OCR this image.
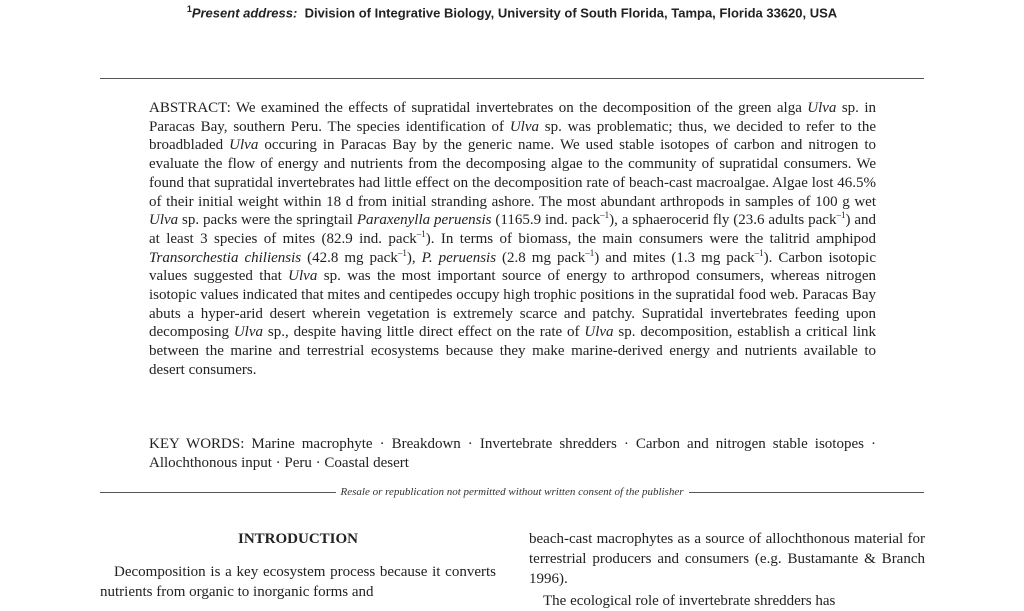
$^1$Present address: Division of Integrative Biology, University of South Florida, Tampa, Florida 33620, USA

ABSTRACT: We examined the effects of supratidal invertebrates on the decomposition of the green alga Ulva sp. in Paracas Bay, southern Peru. The species identification of Ulva sp. was problematic; thus, we decided to refer to the broadbladed Ulva occuring in Paracas Bay by the generic name. We used stable isotopes of carbon and nitrogen to evaluate the flow of energy and nutrients from the decomposing algae to the community of supratidal consumers. We found that supratidal invertebrates had little effect on the decomposition rate of beach-cast macroalgae. Algae lost 46.5% of their initial weight within 18 d from initial stranding ashore. The most abundant arthropods in samples of 100 g wet Ulva sp. packs were the springtail Paraxenylla peruensis (1165.9 ind. pack$^{-1}$), a sphaerocerid fly (23.6 adults pack$^{-1}$) and at least 3 species of mites (82.9 ind. pack$^{-1}$). In terms of biomass, the main consumers were the talitrid amphipod Transorchestia chiliensis (42.8 mg pack$^{-1}$), P. peruensis (2.8 mg pack$^{-1}$) and mites (1.3 mg pack$^{-1}$). Carbon isotopic values suggested that Ulva sp. was the most important source of energy to arthropod consumers, whereas nitrogen isotopic values indicated that mites and centipedes occupy high trophic positions in the supratidal food web. Paracas Bay abuts a hyper-arid desert wherein vegetation is extremely scarce and patchy. Supratidal invertebrates feeding upon decomposing Ulva sp., despite having little direct effect on the rate of Ulva sp. decomposition, establish a critical link between the marine and terrestrial ecosystems because they make marine-derived energy and nutrients available to desert consumers.

KEY WORDS: Marine macrophyte · Breakdown · Invertebrate shredders · Carbon and nitrogen stable isotopes · Allochthonous input · Peru · Coastal desert
Resale or republication not permitted without written consent of the publisher
INTRODUCTION

Decomposition is a key ecosystem process because it converts nutrients from organic to inorganic forms and

beach-cast macrophytes as a source of allochthonous material for terrestrial producers and consumers (e.g. Bustamante & Branch 1996).

The ecological role of invertebrate shredders has
